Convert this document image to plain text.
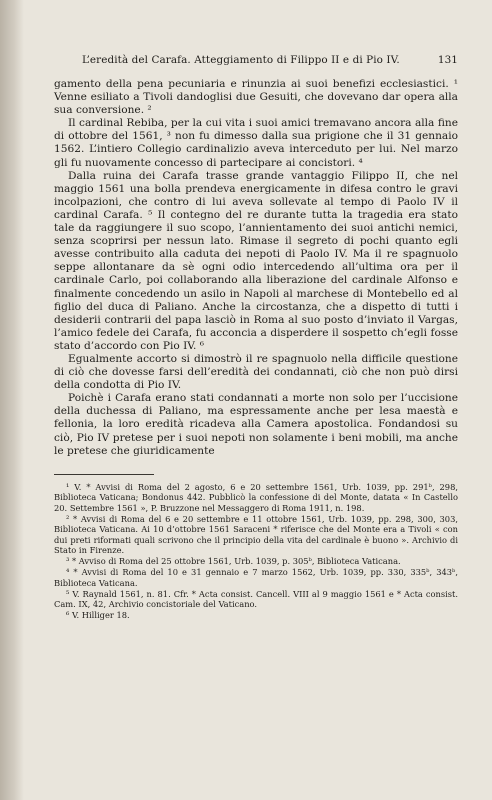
L’eredità del Carafa. Atteggiamento di Filippo II e di Pio IV.	131

gamento della pena pecuniaria e rinunzia ai suoi benefizi ecclesiastici. ¹ Venne esiliato a Tivoli dandoglisi due Gesuiti, che dovevano dar opera alla sua conversione. ²

Il cardinal Rebiba, per la cui vita i suoi amici tremavano ancora alla fine di ottobre del 1561, ³ non fu dimesso dalla sua prigione che il 31 gennaio 1562. L’intiero Collegio cardinalizio aveva interceduto per lui. Nel marzo gli fu nuovamente concesso di partecipare ai concistori. ⁴

Dalla ruina dei Carafa trasse grande vantaggio Filippo II, che nel maggio 1561 una bolla prendeva energicamente in difesa contro le gravi incolpazioni, che contro di lui aveva sollevate al tempo di Paolo IV il cardinal Carafa. ⁵ Il contegno del re durante tutta la tragedia era stato tale da raggiungere il suo scopo, l’annientamento dei suoi antichi nemici, senza scoprirsi per nessun lato. Rimase il segreto di pochi quanto egli avesse contribuito alla caduta dei nepoti di Paolo IV. Ma il re spagnuolo seppe allontanare da sè ogni odio intercedendo all’ultima ora per il cardinale Carlo, poi collaborando alla liberazione del cardinale Alfonso e finalmente concedendo un asilo in Napoli al marchese di Montebello ed al figlio del duca di Paliano. Anche la circostanza, che a dispetto di tutti i desiderii contrarii del papa lasciò in Roma al suo posto d’inviato il Vargas, l’amico fedele dei Carafa, fu acconcia a disperdere il sospetto ch’egli fosse stato d’accordo con Pio IV. ⁶

Egualmente accorto si dimostrò il re spagnuolo nella difficile questione di ciò che dovesse farsi dell’eredità dei condannati, ciò che non può dirsi della condotta di Pio IV.

Poichè i Carafa erano stati condannati a morte non solo per l’uccisione della duchessa di Paliano, ma espressamente anche per lesa maestà e fellonia, la loro eredità ricadeva alla Camera apostolica. Fondandosi su ciò, Pio IV pretese per i suoi nepoti non solamente i beni mobili, ma anche le pretese che giuridicamente

¹ V. * Avvisi di Roma del 2 agosto, 6 e 20 settembre 1561, Urb. 1039, pp. 291ᵇ, 298, Biblioteca Vaticana; Bondonus 442. Pubblicò la confessione di del Monte, datata « In Castello 20. Settembre 1561 », P. Bruzzone nel Messaggero di Roma 1911, n. 198.

² * Avvisi di Roma del 6 e 20 settembre e 11 ottobre 1561, Urb. 1039, pp. 298, 300, 303, Biblioteca Vaticana. Ai 10 d’ottobre 1561 Saraceni * riferisce che del Monte era a Tivoli « con dui preti riformati quali scrivono che il principio della vita del cardinale è buono ». Archivio di Stato in Firenze.

³ * Avviso di Roma del 25 ottobre 1561, Urb. 1039, p. 305ᵇ, Biblioteca Vaticana.

⁴ * Avvisi di Roma del 10 e 31 gennaio e 7 marzo 1562, Urb. 1039, pp. 330, 335ᵇ, 343ᵇ, Biblioteca Vaticana.

⁵ V. Raynald 1561, n. 81. Cfr. * Acta consist. Cancell. VIII al 9 maggio 1561 e * Acta consist. Cam. IX, 42, Archivio concistoriale del Vaticano.

⁶ V. Hilliger 18.
